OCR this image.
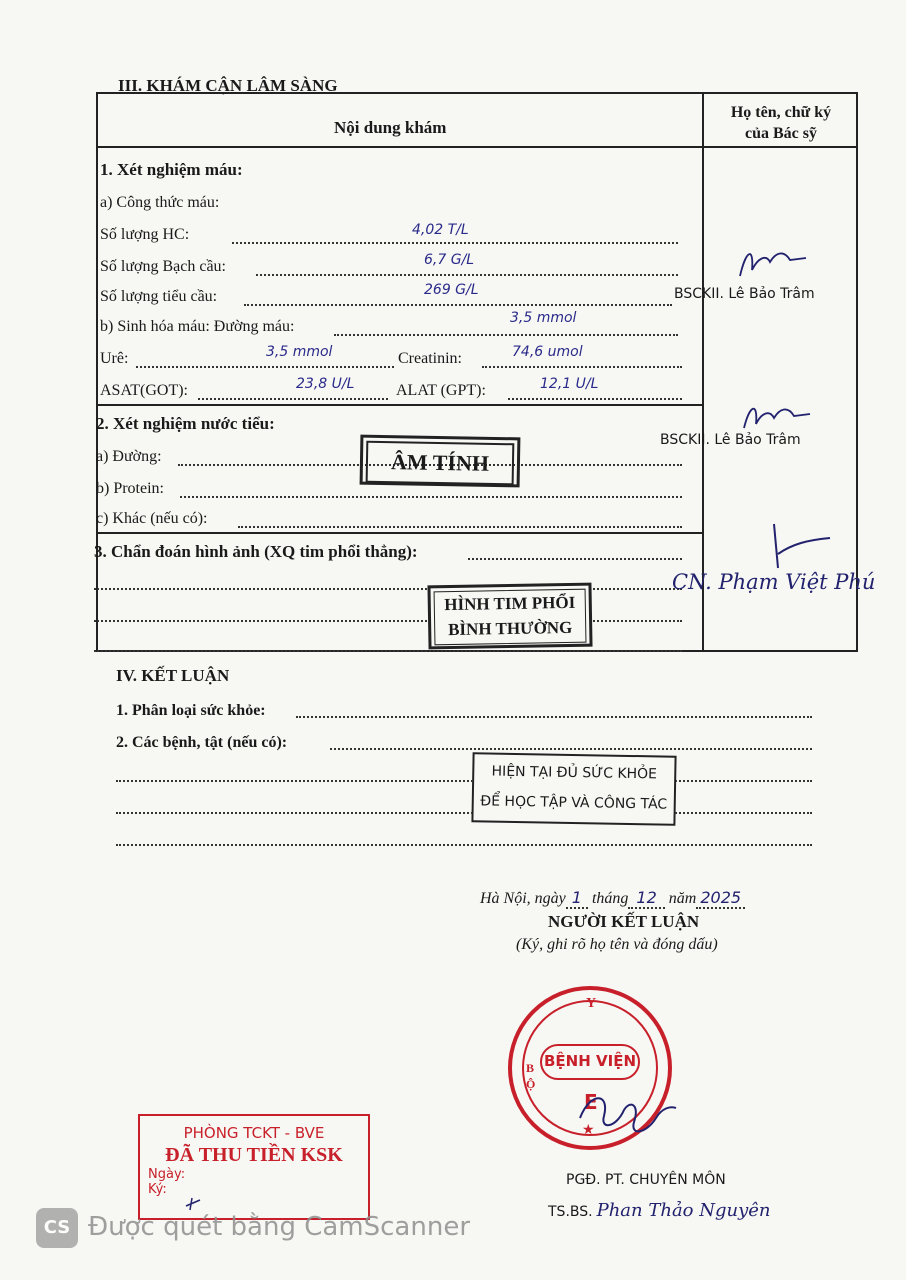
III. KHÁM CẬN LÂM SÀNG
Nội dung khám
Họ tên, chữ ký
của Bác sỹ
1. Xét nghiệm máu:
a) Công thức máu:
Số lượng HC:	4,02 T/L
Số lượng Bạch cầu:	6,7 G/L
Số lượng tiểu cầu:	269 G/L
b) Sinh hóa máu: Đường máu:	3,5 mmol
Urê:	3,5 mmol	Creatinin:	74,6 umol
ASAT(GOT):	23,8 U/L	ALAT (GPT):	12,1 U/L
BSCKII. Lê Bảo Trâm
2. Xét nghiệm nước tiểu:
a) Đường:
b) Protein:
c) Khác (nếu có):
ÂM TÍNH
BSCKII. Lê Bảo Trâm
3. Chẩn đoán hình ảnh (XQ tim phổi thẳng):
HÌNH TIM PHỔI
BÌNH THƯỜNG
CN. Phạm Việt Phú
IV. KẾT LUẬN
1. Phân loại sức khỏe:
2. Các bệnh, tật (nếu có):
HIỆN TẠI ĐỦ SỨC KHỎE
ĐỂ HỌC TẬP VÀ CÔNG TÁC
Hà Nội, ngày 1 tháng 12 năm 2025
NGƯỜI KẾT LUẬN
(Ký, ghi rõ họ tên và đóng dấu)
Y
BỘ
BỆNH VIỆN
E
★
PGĐ. PT. CHUYÊN MÔN
TS.BS. Phan Thảo Nguyên
PHÒNG TCKT - BVE
ĐÃ THU TIỀN KSK
Ngày:
Ký:
CS Được quét bằng CamScanner
